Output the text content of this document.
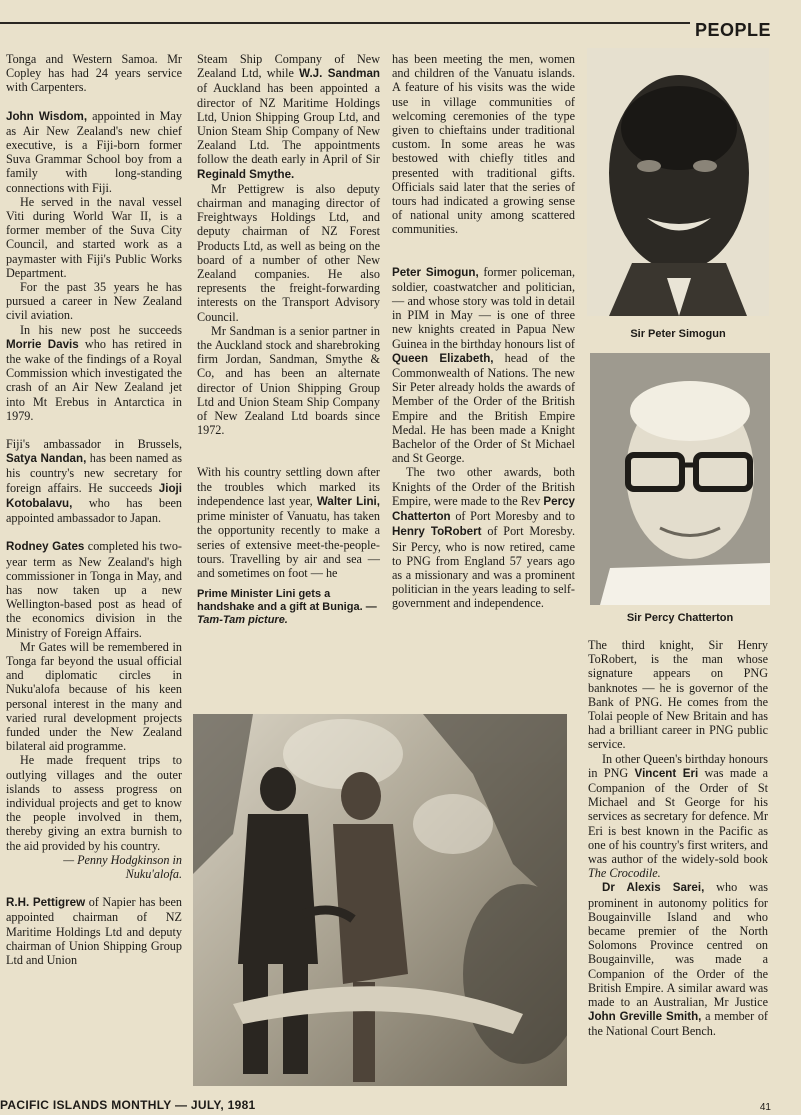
PEOPLE

Tonga and Western Samoa. Mr Copley has had 24 years service with Carpenters.

John Wisdom, appointed in May as Air New Zealand's new chief executive, is a Fiji-born former Suva Grammar School boy from a family with long-standing connections with Fiji.

He served in the naval vessel Viti during World War II, is a former member of the Suva City Council, and started work as a paymaster with Fiji's Public Works Department.

For the past 35 years he has pursued a career in New Zealand civil aviation.

In his new post he succeeds Morrie Davis who has retired in the wake of the findings of a Royal Commission which investigated the crash of an Air New Zealand jet into Mt Erebus in Antarctica in 1979.

Fiji's ambassador in Brussels, Satya Nandan, has been named as his country's new secretary for foreign affairs. He succeeds Jioji Kotobalavu, who has been appointed ambassador to Japan.

Rodney Gates completed his two-year term as New Zealand's high commissioner in Tonga in May, and has now taken up a new Wellington-based post as head of the economics division in the Ministry of Foreign Affairs.

Mr Gates will be remembered in Tonga far beyond the usual official and diplomatic circles in Nuku'alofa because of his keen personal interest in the many and varied rural development projects funded under the New Zealand bilateral aid programme.

He made frequent trips to outlying villages and the outer islands to assess progress on individual projects and get to know the people involved in them, thereby giving an extra burnish to the aid provided by his country.

— Penny Hodgkinson in Nuku'alofa.

R.H. Pettigrew of Napier has been appointed chairman of NZ Maritime Holdings Ltd and deputy chairman of Union Shipping Group Ltd and Union

Steam Ship Company of New Zealand Ltd, while W.J. Sandman of Auckland has been appointed a director of NZ Maritime Holdings Ltd, Union Shipping Group Ltd, and Union Steam Ship Company of New Zealand Ltd. The appointments follow the death early in April of Sir Reginald Smythe.

Mr Pettigrew is also deputy chairman and managing director of Freightways Holdings Ltd, and deputy chairman of NZ Forest Products Ltd, as well as being on the board of a number of other New Zealand companies. He also represents the freight-forwarding interests on the Transport Advisory Council.

Mr Sandman is a senior partner in the Auckland stock and sharebroking firm Jordan, Sandman, Smythe & Co, and has been an alternate director of Union Shipping Group Ltd and Union Steam Ship Company of New Zealand Ltd boards since 1972.

With his country settling down after the troubles which marked its independence last year, Walter Lini, prime minister of Vanuatu, has taken the opportunity recently to make a series of extensive meet-the-people-tours. Travelling by air and sea — and sometimes on foot — he

Prime Minister Lini gets a handshake and a gift at Buniga. — Tam-Tam picture.

has been meeting the men, women and children of the Vanuatu islands. A feature of his visits was the wide use in village communities of welcoming ceremonies of the type given to chieftains under traditional custom. In some areas he was bestowed with chiefly titles and presented with traditional gifts. Officials said later that the series of tours had indicated a growing sense of national unity among scattered communities.

Peter Simogun, former policeman, soldier, coastwatcher and politician, — and whose story was told in detail in PIM in May — is one of three new knights created in Papua New Guinea in the birthday honours list of Queen Elizabeth, head of the Commonwealth of Nations. The new Sir Peter already holds the awards of Member of the Order of the British Empire and the British Empire Medal. He has been made a Knight Bachelor of the Order of St Michael and St George.

The two other awards, both Knights of the Order of the British Empire, were made to the Rev Percy Chatterton of Port Moresby and to Henry ToRobert of Port Moresby. Sir Percy, who is now retired, came to PNG from England 57 years ago as a missionary and was a prominent politician in the years leading to self-government and independence.

Sir Peter Simogun
Sir Percy Chatterton

The third knight, Sir Henry ToRobert, is the man whose signature appears on PNG banknotes — he is governor of the Bank of PNG. He comes from the Tolai people of New Britain and has had a brilliant career in PNG public service.

In other Queen's birthday honours in PNG Vincent Eri was made a Companion of the Order of St Michael and St George for his services as secretary for defence. Mr Eri is best known in the Pacific as one of his country's first writers, and was author of the widely-sold book The Crocodile.

Dr Alexis Sarei, who was prominent in autonomy politics for Bougainville Island and who became premier of the North Solomons Province centred on Bougainville, was made a Companion of the Order of the British Empire. A similar award was made to an Australian, Mr Justice John Greville Smith, a member of the National Court Bench.

PACIFIC ISLANDS MONTHLY — JULY, 1981	41
